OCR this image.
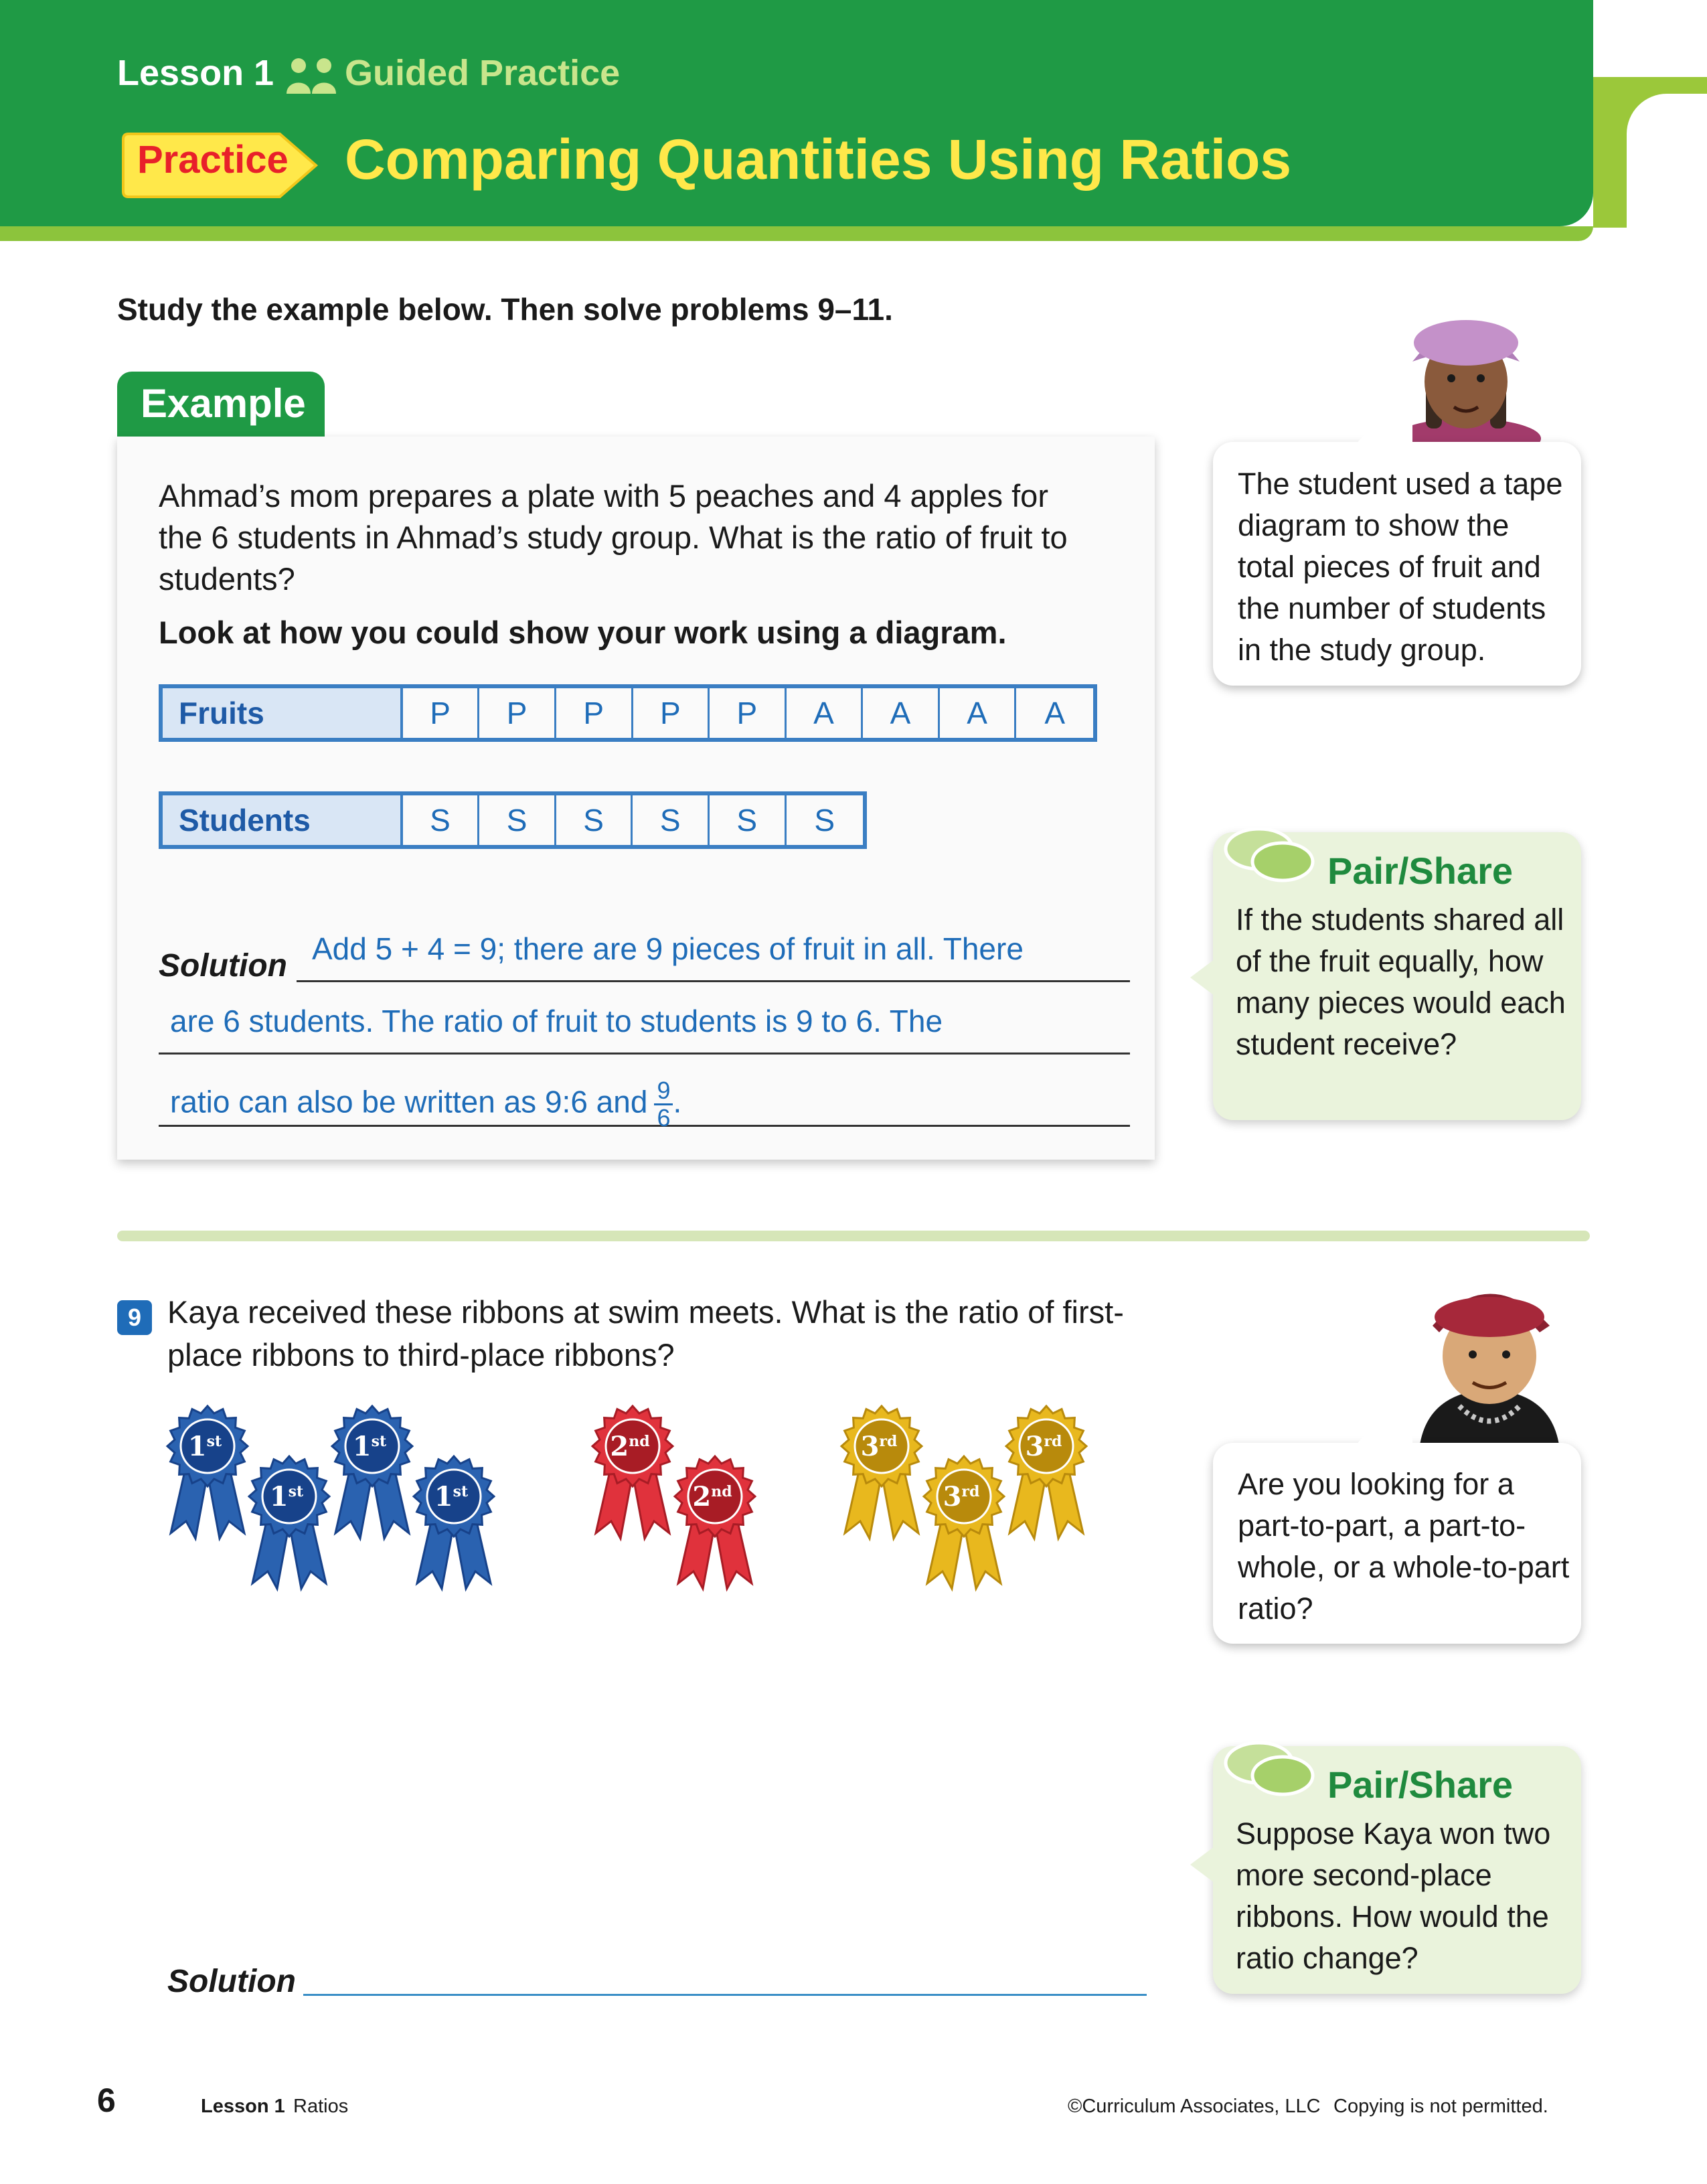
Lesson 1 Guided Practice
Practice Comparing Quantities Using Ratios
Study the example below. Then solve problems 9–11.
Example
Ahmad’s mom prepares a plate with 5 peaches and 4 apples for the 6 students in Ahmad’s study group. What is the ratio of fruit to students?
Look at how you could show your work using a diagram.
Fruits	P	P	P	P	P	A	A	A	A
Students	S	S	S	S	S	S
Solution Add 5 + 4 = 9; there are 9 pieces of fruit in all. There
are 6 students. The ratio of fruit to students is 9 to 6. The
ratio can also be written as 9:6 and $\frac{9}{6}$ .
The student used a tape diagram to show the total pieces of fruit and the number of students in the study group.
Pair/Share
If the students shared all of the fruit equally, how many pieces would each student receive?
9 Kaya received these ribbons at swim meets. What is the ratio of first-place ribbons to third-place ribbons?
1st
1st
1st
1st
2nd
2nd
3rd
3rd
3rd
Are you looking for a part-to-part, a part-to-whole, or a whole-to-part ratio?
Pair/Share
Suppose Kaya won two more second-place ribbons. How would the ratio change?
Solution
6	Lesson 1 Ratios	©Curriculum Associates, LLC Copying is not permitted.
